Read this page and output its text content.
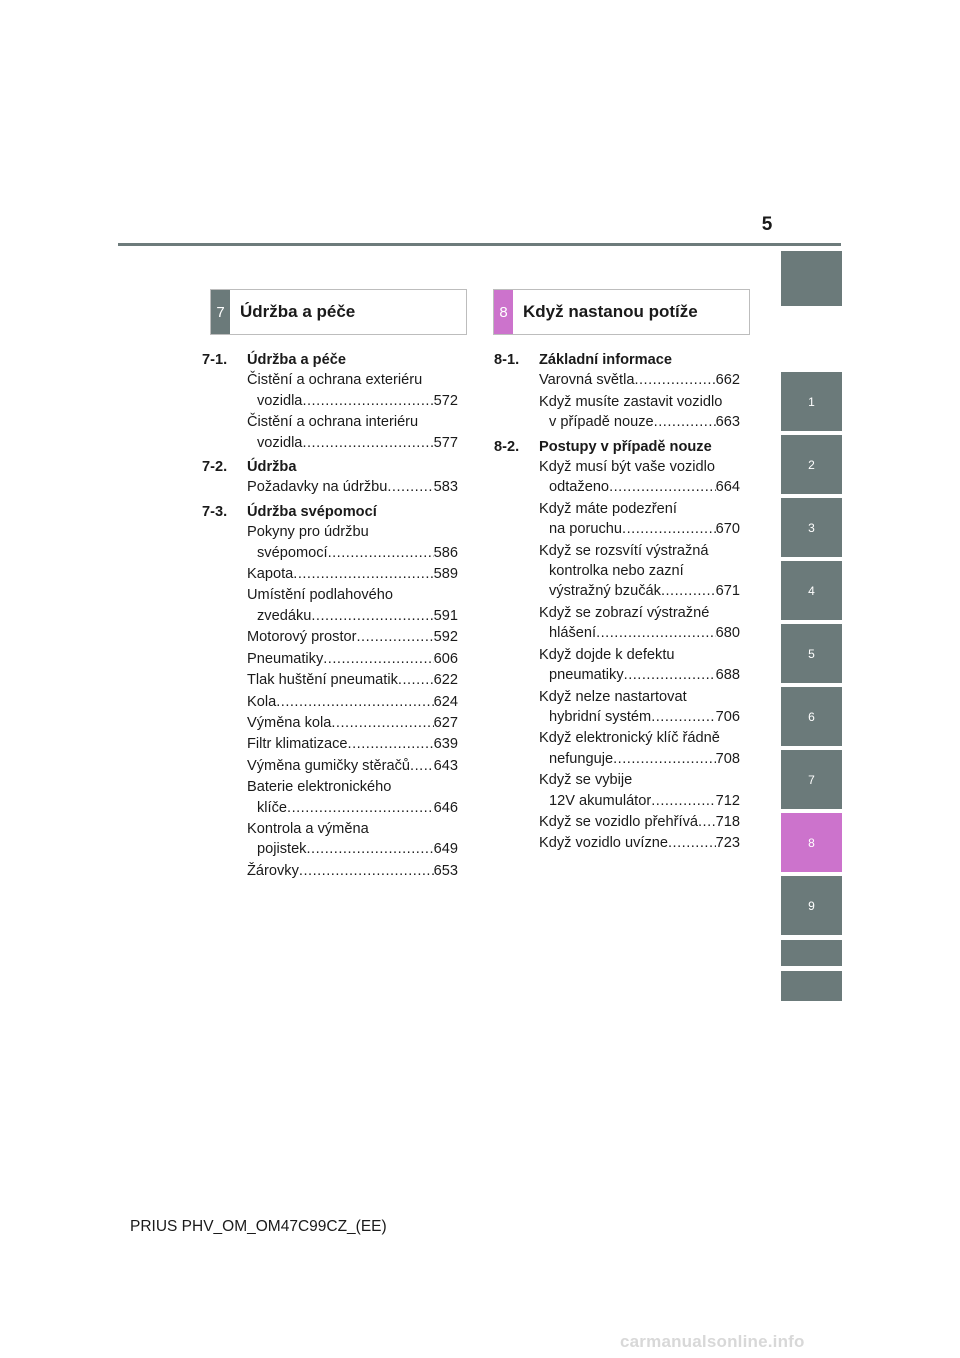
5
1
2
3
4
5
6
7
8
9
7 Údržba a péče	8 Když nastanou potíže
7-1.	Údržba a péče
Čistění a ochrana exteriéru
vozidla .....	572
Čistění a ochrana interiéru
vozidla .....	577
7-2.	Údržba
Požadavky na údržbu .....	583
7-3.	Údržba svépomocí
Pokyny pro údržbu
svépomocí .....	586
Kapota .....	589
Umístění podlahového
zvedáku .....	591
Motorový prostor .....	592
Pneumatiky .....	606
Tlak huštění pneumatik ..... 622
Kola .....	624
Výměna kola .....	627
Filtr klimatizace .....	639
Výměna gumičky stěračů ..... 643
Baterie elektronického
klíče .....	646
Kontrola a výměna
pojistek .....	649
Žárovky .....	653
8-1.	Základní informace
Varovná světla .....	662
Když musíte zastavit vozidlo
v případě nouze .....	663
8-2.	Postupy v případě nouze
Když musí být vaše vozidlo
odtaženo .....	664
Když máte podezření
na poruchu .....	670
Když se rozsvítí výstražná
kontrolka nebo zazní
výstražný bzučák .....	671
Když se zobrazí výstražné
hlášení .....	680
Když dojde k defektu
pneumatiky .....	688
Když nelze nastartovat
hybridní systém .....	706
Když elektronický klíč řádně
nefunguje .....	708
Když se vybije
12V akumulátor .....	712
Když se vozidlo přehřívá ..... 718
Když vozidlo uvízne .....	723
PRIUS PHV_OM_OM47C99CZ_(EE)
carmanualsonline.info
